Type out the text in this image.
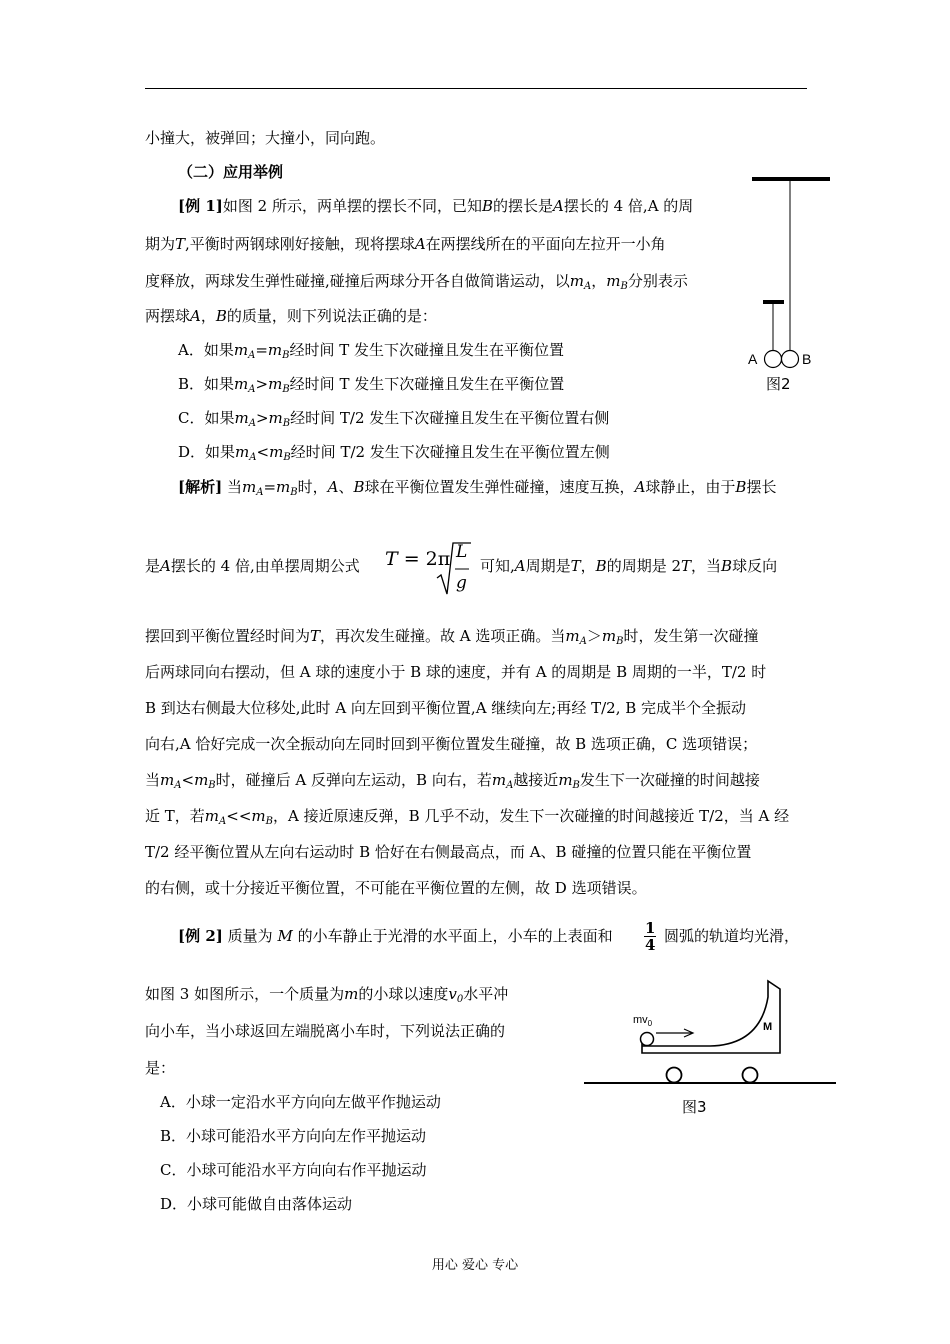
小撞大，被弹回；大撞小，同向跑。
（二）应用举例
[例 1]如图 2 所示，两单摆的摆长不同，已知B的摆长是A摆长的 4 倍,A 的周
期为T,平衡时两钢球刚好接触，现将摆球A在两摆线所在的平面向左拉开一小角
度释放，两球发生弹性碰撞,碰撞后两球分开各自做简谐运动，以$m_A$，$m_B$分别表示
两摆球A，B的质量，则下列说法正确的是：
A．如果$m_A=m_B$经时间 T 发生下次碰撞且发生在平衡位置
B．如果$m_A>m_B$经时间 T 发生下次碰撞且发生在平衡位置
C．如果$m_A>m_B$经时间 T/2 发生下次碰撞且发生在平衡位置右侧
D．如果$m_A<m_B$经时间 T/2 发生下次碰撞且发生在平衡位置左侧
A	B
图2
[解析] 当$m_A=m_B$时，A、B球在平衡位置发生弹性碰撞，速度互换，A球静止，由于B摆长
是A摆长的 4 倍,由单摆周期公式 T = 2π L
g
可知,A周期是T，B的周期是 2T，当B球反向
摆回到平衡位置经时间为T，再次发生碰撞。故 A 选项正确。当$m_A>m_B$时，发生第一次碰撞
后两球同向右摆动，但 A 球的速度小于 B 球的速度，并有 A 的周期是 B 周期的一半，T/2 时
B 到达右侧最大位移处,此时 A 向左回到平衡位置,A 继续向左;再经 T/2, B 完成半个全振动
向右,A 恰好完成一次全振动向左同时回到平衡位置发生碰撞，故 B 选项正确，C 选项错误；
当$m_A<m_B$时，碰撞后 A 反弹向左运动，B 向右，若$m_A$越接近$m_B$发生下一次碰撞的时间越接
近 T，若$m_A<<m_B$，A 接近原速反弹，B 几乎不动，发生下一次碰撞的时间越接近 T/2，当 A 经
T/2 经平衡位置从左向右运动时 B 恰好在右侧最高点，而 A、B 碰撞的位置只能在平衡位置
的右侧，或十分接近平衡位置，不可能在平衡位置的左侧，故 D 选项错误。
[例 2] 质量为 M 的小车静止于光滑的水平面上，小车的上表面和 $\frac{1}{4}$ 圆弧的轨道均光滑，
如图 3 如图所示，一个质量为m的小球以速度$v_0$水平冲
向小车，当小球返回左端脱离小车时，下列说法正确的
是：
A．小球一定沿水平方向向左做平作抛运动
B．小球可能沿水平方向向左作平抛运动
C．小球可能沿水平方向向右作平抛运动
D．小球可能做自由落体运动
$mv_0$	M
图3
用心 爱心 专心
